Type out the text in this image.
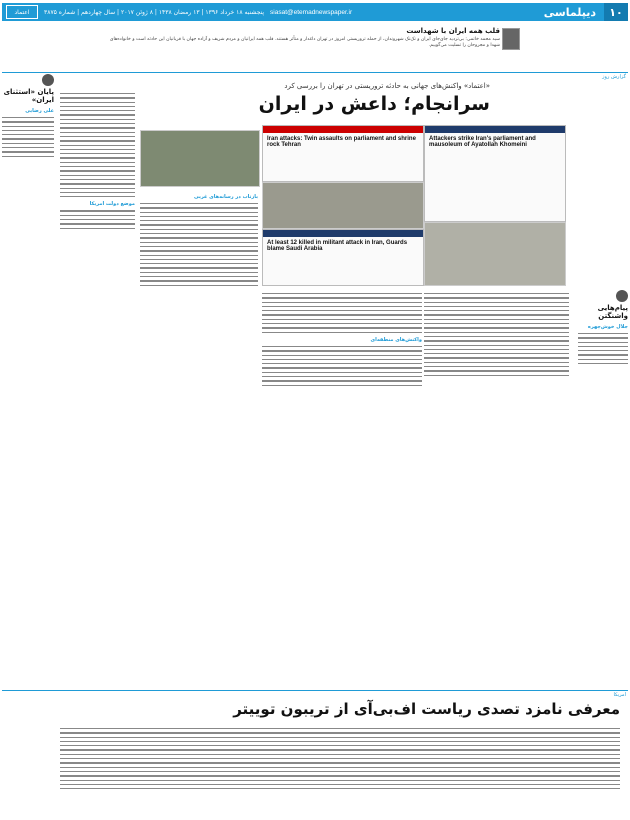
۱۰
دیپلماسی
siasat@etemadnewspaper.ir
پنجشنبه ۱۸ خرداد ۱۳۹۶ | ۱۳ رمضان ۱۴۳۸ | ۸ ژوئن ۲۰۱۷ | سال چهاردهم | شماره ۳۸۷۵
اعتماد
قلب همه ایران با شهداست

سید محمد خاتمی: بی‌تردید جای‌جای ایران و تک‌تک شهروندان، از حمله تروریستی امروز در تهران داغدار و متأثر هستند. قلب همه ایرانیان و مردم شریف و آزاده جهان با قربانیان این حادثه است و خانواده‌های شهدا و مجروحان را تسلیت می‌گوییم.

گزارش روز
«اعتماد» واکنش‌های جهانی به حادثه تروریستی در تهران را بررسی کرد
سرانجام؛ داعش در ایران
Iran attacks: Twin assaults on parliament and shrine rock Tehran
Attackers strike Iran's parliament and mausoleum of Ayatollah Khomeini
At least 12 killed in militant attack in Iran, Guards blame Saudi Arabia
پایان «استثنای ایران»
علی رضایی
پیام‌هایی واشنگتن
جلال خوش‌چهره
موضع دولت امریکا
بازتاب در رسانه‌های غربی
واکنش‌های منطقه‌ای
امریکا
معرفی نامزد تصدی ریاست اف‌بی‌آی از تریبون توییتر
